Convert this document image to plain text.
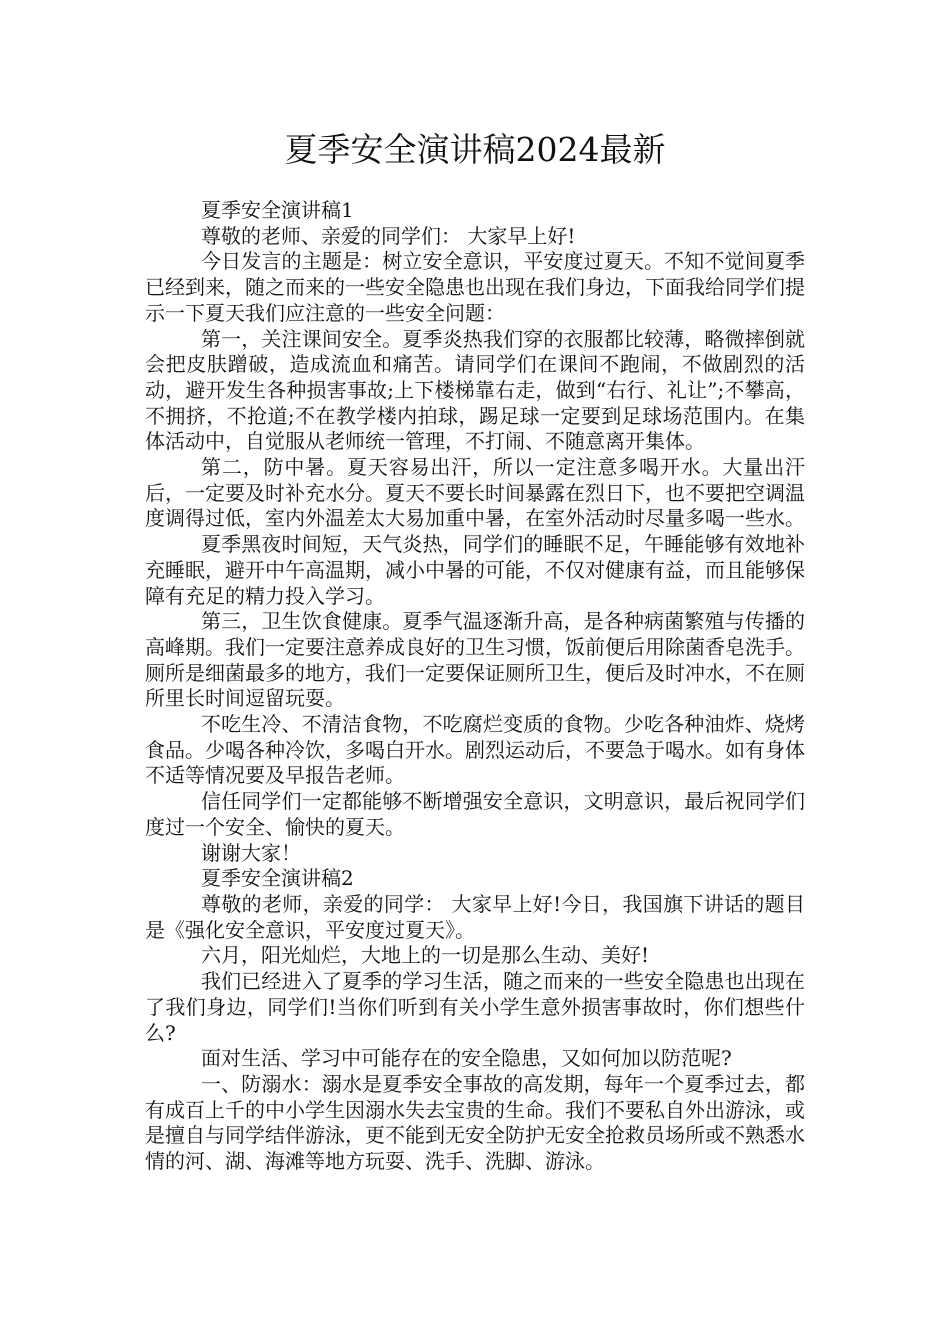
夏季安全演讲稿2024最新

夏季安全演讲稿1

尊敬的老师、亲爱的同学们： 大家早上好!

今日发言的主题是：树立安全意识，平安度过夏天。不知不觉间夏季已经到来，随之而来的一些安全隐患也出现在我们身边，下面我给同学们提示一下夏天我们应注意的一些安全问题：

第一，关注课间安全。夏季炎热我们穿的衣服都比较薄，略微摔倒就会把皮肤蹭破，造成流血和痛苦。请同学们在课间不跑闹，不做剧烈的活动，避开发生各种损害事故;上下楼梯靠右走，做到“右行、礼让”;不攀高，不拥挤，不抢道;不在教学楼内拍球，踢足球一定要到足球场范围内。在集体活动中，自觉服从老师统一管理，不打闹、不随意离开集体。

第二，防中暑。夏天容易出汗，所以一定注意多喝开水。大量出汗后，一定要及时补充水分。夏天不要长时间暴露在烈日下，也不要把空调温度调得过低，室内外温差太大易加重中暑，在室外活动时尽量多喝一些水。

夏季黑夜时间短，天气炎热，同学们的睡眠不足，午睡能够有效地补充睡眠，避开中午高温期，减小中暑的可能，不仅对健康有益，而且能够保障有充足的精力投入学习。

第三，卫生饮食健康。夏季气温逐渐升高，是各种病菌繁殖与传播的高峰期。我们一定要注意养成良好的卫生习惯，饭前便后用除菌香皂洗手。厕所是细菌最多的地方，我们一定要保证厕所卫生，便后及时冲水，不在厕所里长时间逗留玩耍。

不吃生冷、不清洁食物，不吃腐烂变质的食物。少吃各种油炸、烧烤食品。少喝各种冷饮，多喝白开水。剧烈运动后，不要急于喝水。如有身体不适等情况要及早报告老师。

信任同学们一定都能够不断增强安全意识，文明意识，最后祝同学们度过一个安全、愉快的夏天。

谢谢大家！

夏季安全演讲稿2

尊敬的老师，亲爱的同学： 大家早上好!今日，我国旗下讲话的题目是《强化安全意识，平安度过夏天》。

六月，阳光灿烂，大地上的一切是那么生动、美好!

我们已经进入了夏季的学习生活，随之而来的一些安全隐患也出现在了我们身边，同学们!当你们听到有关小学生意外损害事故时，你们想些什么?

面对生活、学习中可能存在的安全隐患，又如何加以防范呢?

一、防溺水：溺水是夏季安全事故的高发期，每年一个夏季过去，都有成百上千的中小学生因溺水失去宝贵的生命。我们不要私自外出游泳，或是擅自与同学结伴游泳，更不能到无安全防护无安全抢救员场所或不熟悉水情的河、湖、海滩等地方玩耍、洗手、洗脚、游泳。
